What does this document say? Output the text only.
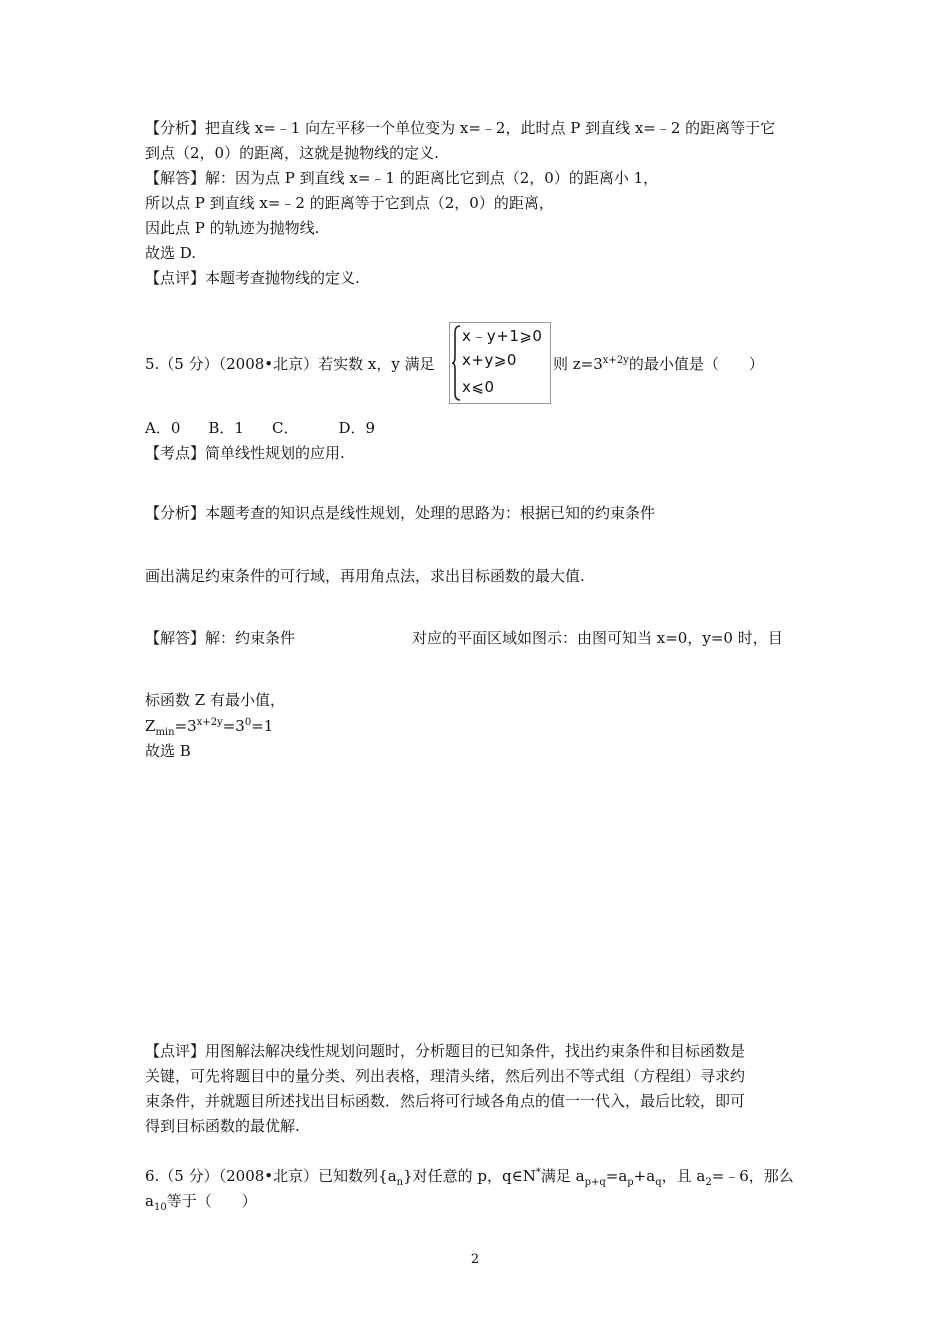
【分析】把直线 x=﹣1 向左平移一个单位变为 x=﹣2，此时点 P 到直线 x=﹣2 的距离等于它
到点（2，0）的距离，这就是抛物线的定义.
【解答】解：因为点 P 到直线 x=﹣1 的距离比它到点（2，0）的距离小 1，
所以点 P 到直线 x=﹣2 的距离等于它到点（2，0）的距离，
因此点 P 的轨迹为抛物线.
故选 D.
【点评】本题考查抛物线的定义.
5.（5 分）（2008•北京）若实数 x，y 满足
x﹣y+1⩾0
x+y⩾0
x⩽0
则 $z=3^{x+2y}$的最小值是（　　）
A．0 B．1 C．	D．9
【考点】简单线性规划的应用.
【分析】本题考查的知识点是线性规划，处理的思路为：根据已知的约束条件
画出满足约束条件的可行域，再用角点法，求出目标函数的最大值.
【解答】解：约束条件	对应的平面区域如图示：由图可知当 x=0，y=0 时，目
标函数 Z 有最小值，
$Z_{min}=3^{x+2y}=3^0=1$
故选 B
【点评】用图解法解决线性规划问题时，分析题目的已知条件，找出约束条件和目标函数是
关键，可先将题目中的量分类、列出表格，理清头绪，然后列出不等式组（方程组）寻求约
束条件，并就题目所述找出目标函数．然后将可行域各角点的值一一代入，最后比较，即可
得到目标函数的最优解.
6.（5 分）（2008•北京）已知数列$\{a_n\}$对任意的 p，q∈N*满足 $a_{p+q}=a_p+a_q$，且 $a_2=﹣6$，那么
$a_{10}$等于（　　）
2
